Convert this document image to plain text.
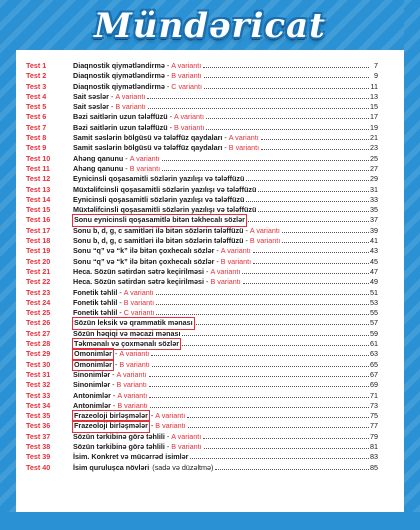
Mündəricat
Test 1	Diaqnostik qiymətləndirmə - A variantı	7
Test 2	Diaqnostik qiymətləndirmə - B variantı	9
Test 3	Diaqnostik qiymətləndirmə - C variantı	11
Test 4	Sait səslər - A variantı	13
Test 5	Sait səslər - B variantı	15
Test 6	Bəzi saitlərin uzun tələffüzü - A variantı	17
Test 7	Bəzi saitlərin uzun tələffüzü - B variantı	19
Test 8	Samit səslərin bölgüsü və tələffüz qaydaları - A variantı	21
Test 9	Samit səslərin bölgüsü və tələffüz qaydaları - B variantı	23
Test 10	Ahəng qanunu - A variantı	25
Test 11	Ahəng qanunu - B variantı	27
Test 12	Eynicinsli qoşasamitli sözlərin yazılışı və tələffüzü	29
Test 13	Müxtəlifcinsli qoşasamitli sözlərin yazılışı və tələffüzü	31
Test 14	Eynicinsli qoşasamitli sözlərin yazılışı və tələffüzü	33
Test 15	Müxtəlifcinsli qoşasamitli sözlərin yazılışı və tələffüzü	35
Test 16	Sonu eynicinsli qoşasamitlə bitən təkhecalı sözlər	37
Test 17	Sonu b, d, g, c samitləri ilə bitən sözlərin tələffüzü - A variantı	39
Test 18	Sonu b, d, g, c samitləri ilə bitən sözlərin tələffüzü - B variantı	41
Test 19	Sonu “q” və “k” ilə bitən çoxhecalı sözlər - A variantı	43
Test 20	Sonu “q” və “k” ilə bitən çoxhecalı sözlər - B variantı	45
Test 21	Heca. Sözün sətirdən sətrə keçirilməsi - A variantı	47
Test 22	Heca. Sözün sətirdən sətrə keçirilməsi - B variantı	49
Test 23	Fonetik təhlil - A variantı	51
Test 24	Fonetik təhlil - B variantı	53
Test 25	Fonetik təhlil - C variantı	55
Test 26	Sözün leksik və qrammatik mənası	57
Test 27	Sözün həqiqi və məcazi mənası	59
Test 28	Təkmənalı və çoxmənalı sözlər	61
Test 29	Omonimlər - A variantı	63
Test 30	Omonimlər - B variantı	65
Test 31	Sinonimlər - A variantı	67
Test 32	Sinonimlər - B variantı	69
Test 33	Antonimlər - A variantı	71
Test 34	Antonimlər - B variantı	73
Test 35	Frazeoloji birləşmələr - A variantı	75
Test 36	Frazeoloji birləşmələr - B variantı	77
Test 37	Sözün tərkibinə görə təhlili - A variantı	79
Test 38	Sözün tərkibinə görə təhlili - B variantı	81
Test 39	İsim. Konkret və mücərrəd isimlər	83
Test 40	İsim qurulușca növləri (sadə və düzəltmə)	85
